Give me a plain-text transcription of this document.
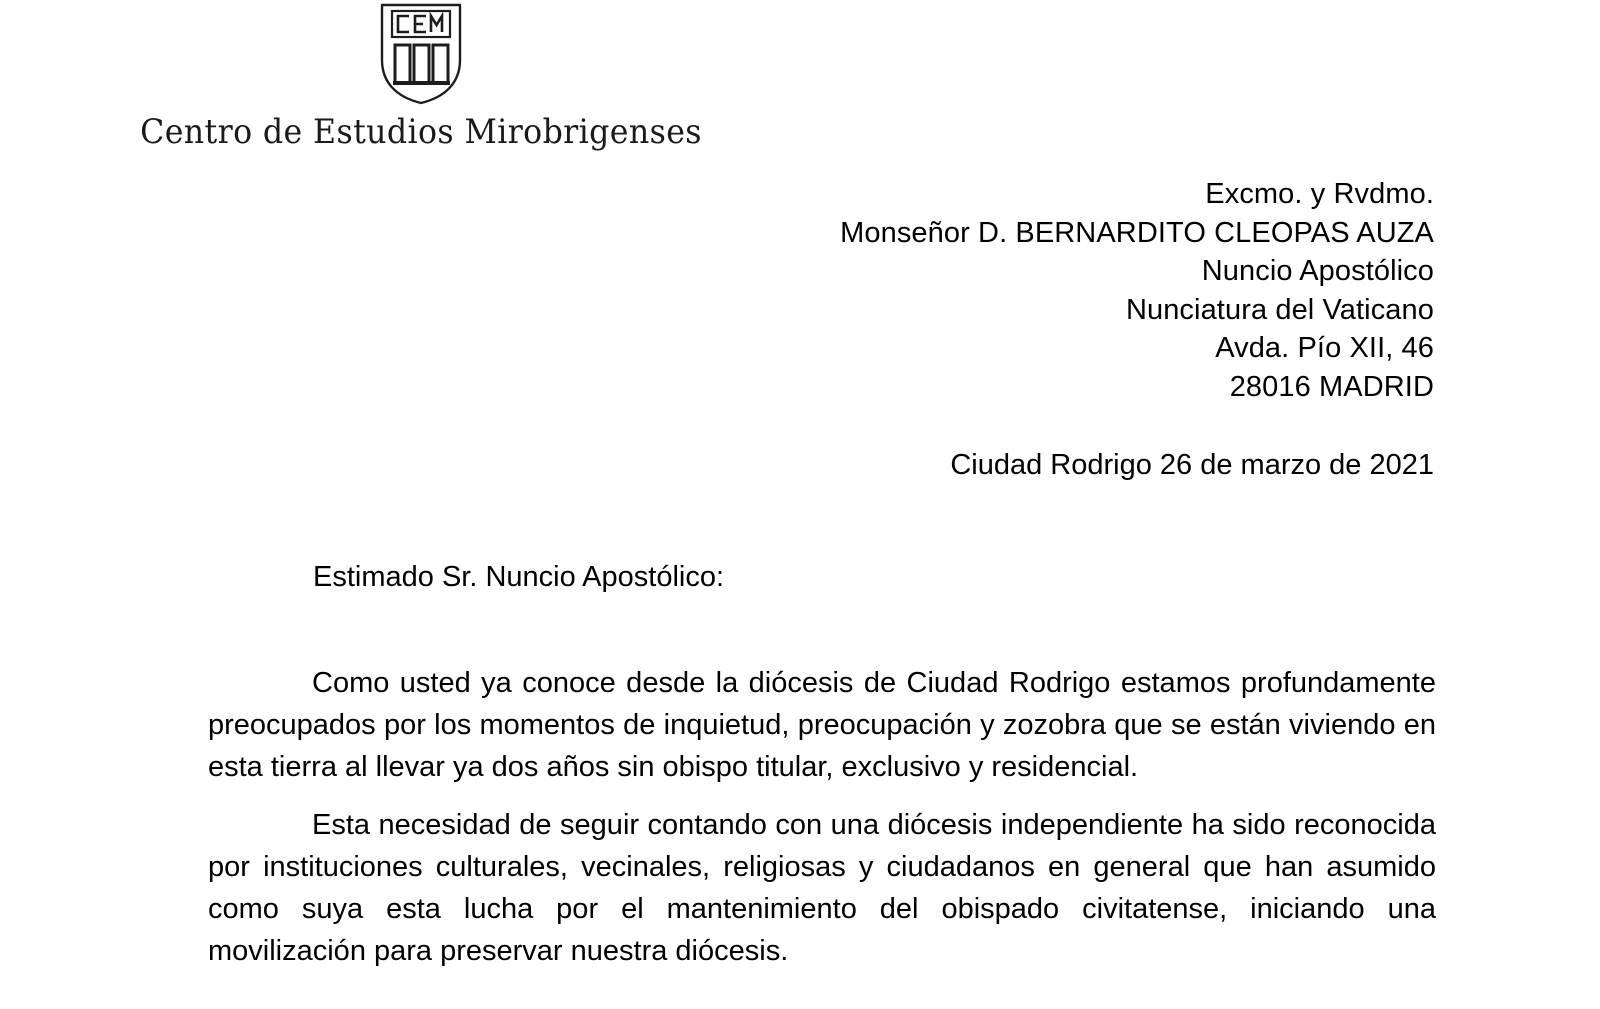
Centro de Estudios Mirobrigenses
Excmo. y Rvdmo.
Monseñor D. BERNARDITO CLEOPAS AUZA
Nuncio Apostólico
Nunciatura del Vaticano
Avda. Pío XII, 46
28016 MADRID
Ciudad Rodrigo 26 de marzo de 2021
Estimado Sr. Nuncio Apostólico:

Como usted ya conoce desde la diócesis de Ciudad Rodrigo estamos profundamente preocupados por los momentos de inquietud, preocupación y zozobra que se están viviendo en esta tierra al llevar ya dos años sin obispo titular, exclusivo y residencial.

Esta necesidad de seguir contando con una diócesis independiente ha sido reconocida por instituciones culturales, vecinales, religiosas y ciudadanos en general que han asumido como suya esta lucha por el mantenimiento del obispado civitatense, iniciando una movilización para preservar nuestra diócesis.
